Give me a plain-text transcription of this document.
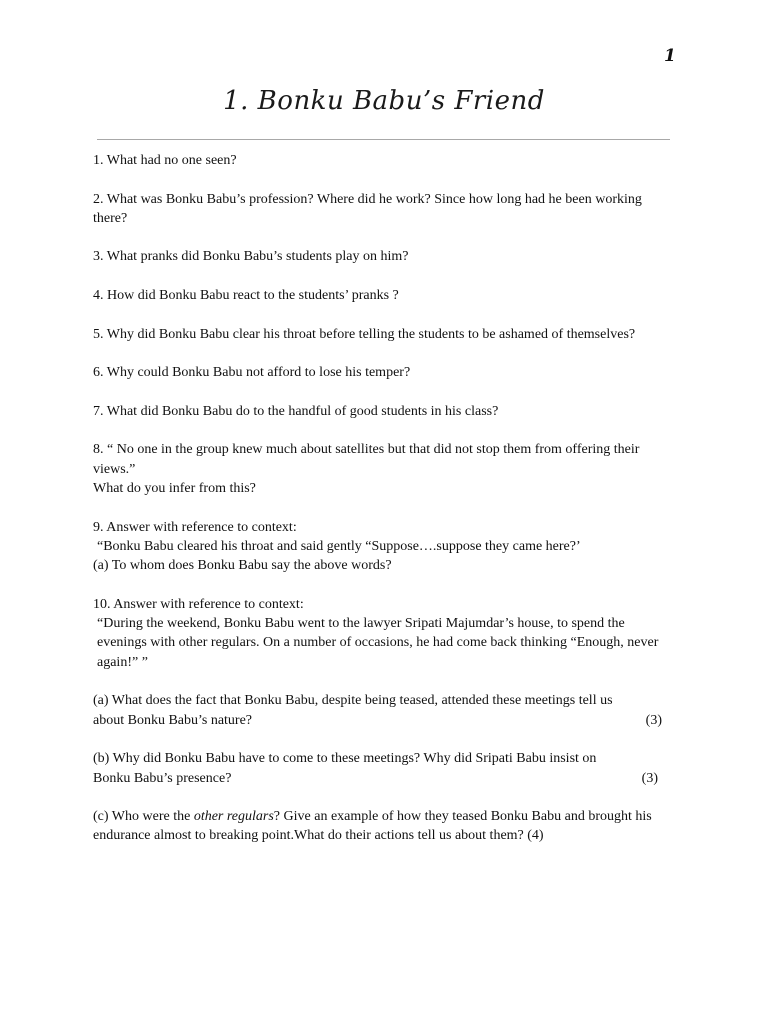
1
1. Bonku Babu’s Friend

1. What had no one seen?

2. What was Bonku Babu’s profession? Where did he work? Since how long had he been working there?

3. What pranks did Bonku Babu’s students play on him?

4. How did Bonku Babu react to the students’ pranks ?

5. Why did Bonku Babu clear his throat before telling the students to be ashamed of themselves?

6. Why could Bonku Babu not afford to lose his temper?

7. What did Bonku Babu do to the handful of good students in his class?

8. “ No one in the group knew much about satellites but that did not stop them from offering their views.”
What do you infer from this?
9. Answer with reference to context:
“Bonku Babu cleared his throat and said gently “Suppose….suppose they came here?’
(a) To whom does Bonku Babu say the above words?
10. Answer with reference to context:
“During the weekend, Bonku Babu went to the lawyer Sripati Majumdar’s house, to spend the evenings with other regulars. On a number of occasions, he had come back thinking “Enough, never again!” ”
(a) What does the fact that Bonku Babu, despite being teased, attended these meetings tell us
about Bonku Babu’s nature?	(3)
(b) Why did Bonku Babu have to come to these meetings? Why did Sripati Babu insist on
Bonku Babu’s presence?	(3)

(c) Who were the other regulars? Give an example of how they teased Bonku Babu and brought his endurance almost to breaking point.What do their actions tell us about them? (4)
